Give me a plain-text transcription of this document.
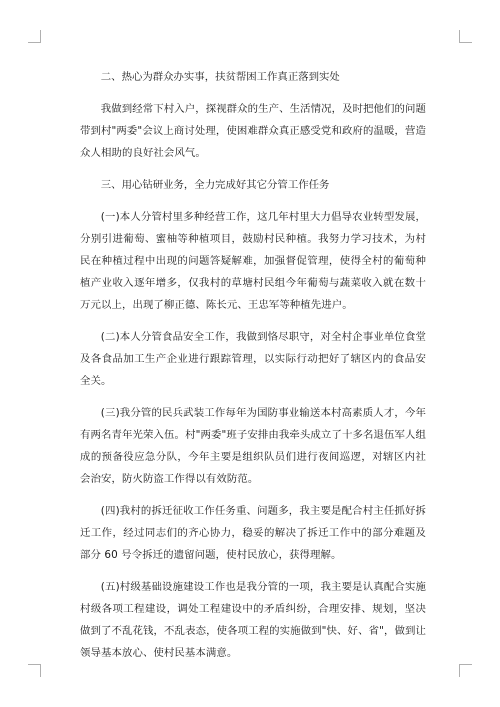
二、热心为群众办实事，扶贫帮困工作真正落到实处

我做到经常下村入户，探视群众的生产、生活情况，及时把他们的问题带到村"两委"会议上商讨处理，使困难群众真正感受党和政府的温暖，营造众人相助的良好社会风气。

三、用心钻研业务，全力完成好其它分管工作任务

(一)本人分管村里多种经营工作，这几年村里大力倡导农业转型发展，分别引进葡萄、蜜柚等种植项目，鼓励村民种植。我努力学习技术，为村民在种植过程中出现的问题答疑解难，加强督促管理，使得全村的葡萄种植产业收入逐年增多，仅我村的草塘村民组今年葡萄与蔬菜收入就在数十万元以上，出现了柳正德、陈长元、王忠军等种植先进户。

(二)本人分管食品安全工作，我做到恪尽职守，对全村企事业单位食堂及各食品加工生产企业进行跟踪管理，以实际行动把好了辖区内的食品安全关。

(三)我分管的民兵武装工作每年为国防事业输送本村高素质人才，今年有两名青年光荣入伍。村"两委"班子安排由我牵头成立了十多名退伍军人组成的预备役应急分队，今年主要是组织队员们进行夜间巡逻，对辖区内社会治安，防火防盗工作得以有效防范。

(四)我村的拆迁征收工作任务重、问题多，我主要是配合村主任抓好拆迁工作，经过同志们的齐心协力，稳妥的解决了拆迁工作中的部分难题及部分 60 号令拆迁的遗留问题，使村民放心，获得理解。

(五)村级基础设施建设工作也是我分管的一项，我主要是认真配合实施村级各项工程建设，调处工程建设中的矛盾纠纷，合理安排、规划，坚决做到了不乱花钱，不乱表态，使各项工程的实施做到"快、好、省"，做到让领导基本放心、使村民基本满意。
